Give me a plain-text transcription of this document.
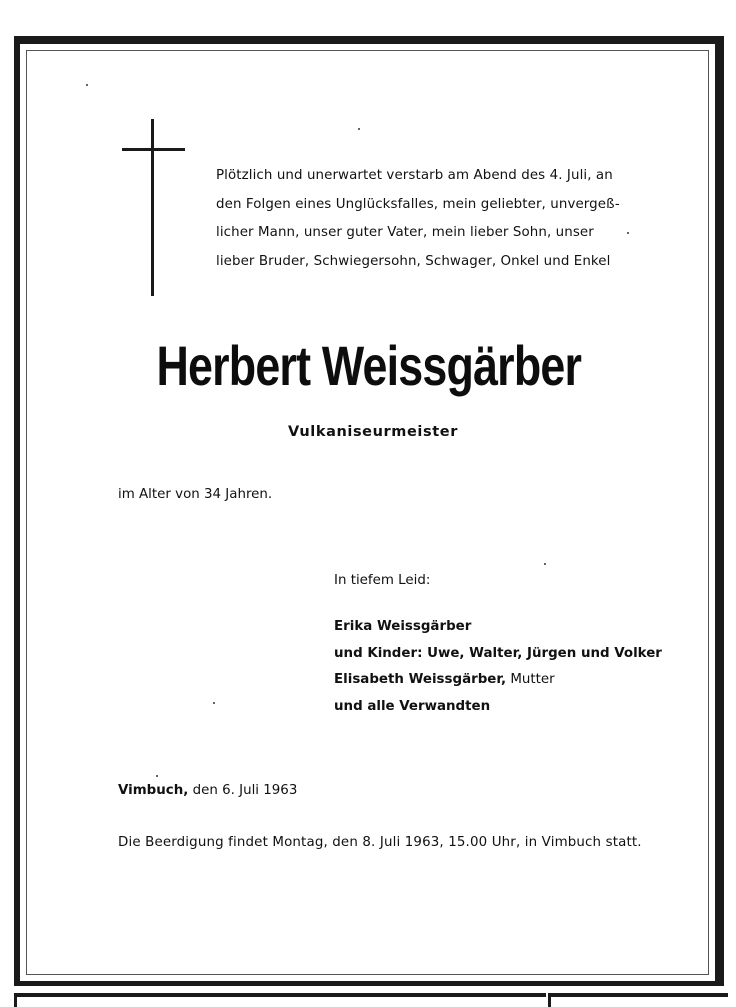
Plötzlich und unerwartet verstarb am Abend des 4. Juli, an
den Folgen eines Unglücksfalles, mein geliebter, unvergeß-
licher Mann, unser guter Vater, mein lieber Sohn, unser
lieber Bruder, Schwiegersohn, Schwager, Onkel und Enkel
Herbert Weissgärber
Vulkaniseurmeister
im Alter von 34 Jahren.
In tiefem Leid:
Erika Weissgärber
und Kinder: Uwe, Walter, Jürgen und Volker
Elisabeth Weissgärber, Mutter
und alle Verwandten
Vimbuch, den 6. Juli 1963
Die Beerdigung findet Montag, den 8. Juli 1963, 15.00 Uhr, in Vimbuch statt.
